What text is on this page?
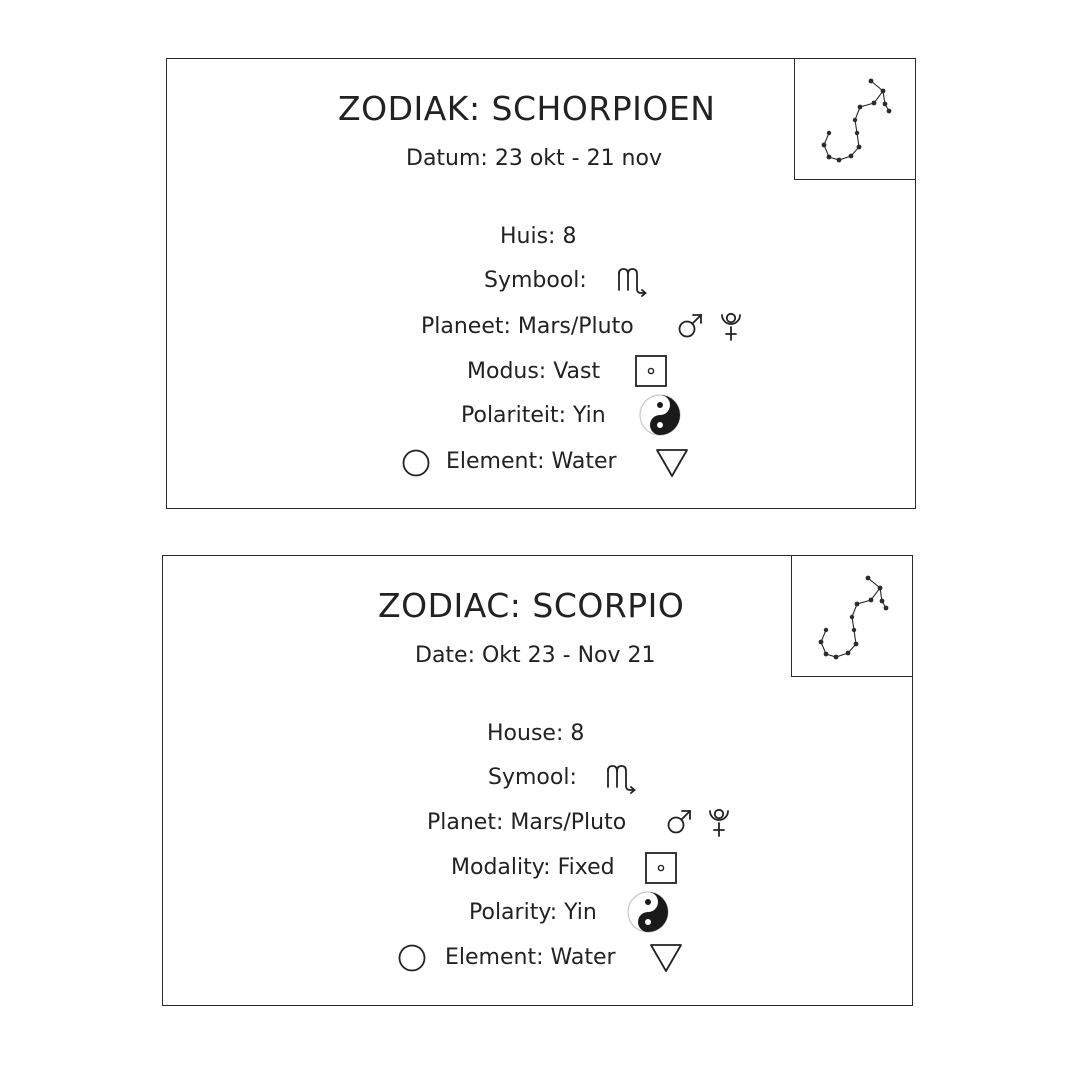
ZODIAK: SCHORPIOEN
Datum: 23 okt - 21 nov
Huis: 8
Symbool:
Planeet: Mars/Pluto
Modus: Vast
Polariteit: Yin
Element: Water
ZODIAC: SCORPIO
Date: Okt 23 - Nov 21
House: 8
Symool:
Planet: Mars/Pluto
Modality: Fixed
Polarity: Yin
Element: Water
